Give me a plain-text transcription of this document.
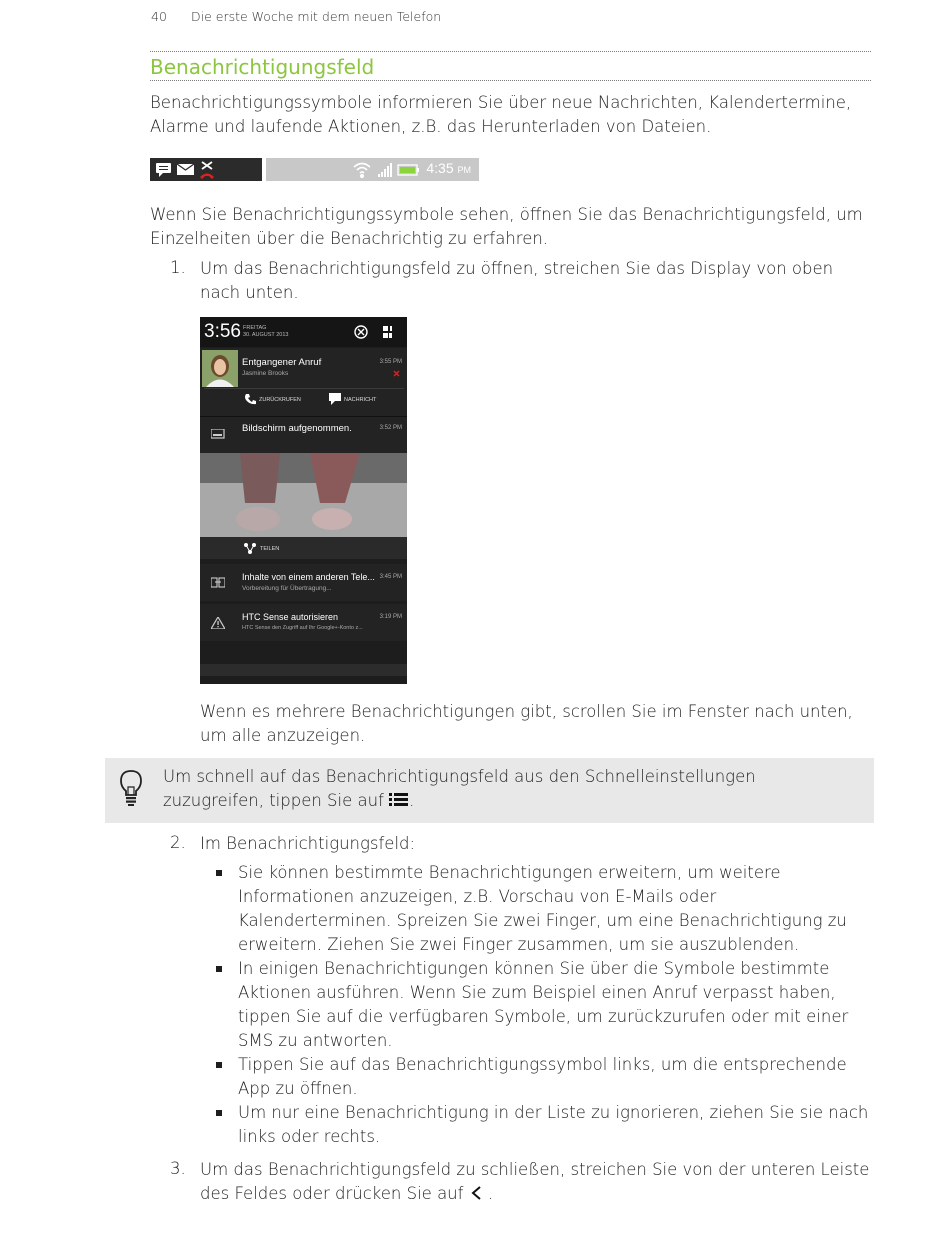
40 Die erste Woche mit dem neuen Telefon
Benachrichtigungsfeld
Benachrichtigungssymbole informieren Sie über neue Nachrichten, Kalendertermine,
Alarme und laufende Aktionen, z.B. das Herunterladen von Dateien.
4:35 PM
Wenn Sie Benachrichtigungssymbole sehen, öffnen Sie das Benachrichtigungsfeld, um
Einzelheiten über die Benachrichtig zu erfahren.
1. Um das Benachrichtigungsfeld zu öffnen, streichen Sie das Display von oben
nach unten.
3:56 FREITAG
30. AUGUST 2013
Entgangener Anruf
Jasmine Brooks
3:55 PM
ZURÜCKRUFEN	NACHRICHT
Bildschirm aufgenommen.	3:52 PM
TEILEN
Inhalte von einem anderen Tele...
Vorbereitung für Übertragung...
3:45 PM
HTC Sense autorisieren
HTC Sense den Zugriff auf Ihr Google+-Konto z...
3:19 PM
Wenn es mehrere Benachrichtigungen gibt, scrollen Sie im Fenster nach unten,
um alle anzuzeigen.
Um schnell auf das Benachrichtigungsfeld aus den Schnelleinstellungen
zuzugreifen, tippen Sie auf .
2. Im Benachrichtigungsfeld:
Sie können bestimmte Benachrichtigungen erweitern, um weitere
Informationen anzuzeigen, z.B. Vorschau von E-Mails oder
Kalenderterminen. Spreizen Sie zwei Finger, um eine Benachrichtigung zu
erweitern. Ziehen Sie zwei Finger zusammen, um sie auszublenden.
In einigen Benachrichtigungen können Sie über die Symbole bestimmte
Aktionen ausführen. Wenn Sie zum Beispiel einen Anruf verpasst haben,
tippen Sie auf die verfügbaren Symbole, um zurückzurufen oder mit einer
SMS zu antworten.
Tippen Sie auf das Benachrichtigungssymbol links, um die entsprechende
App zu öffnen.
Um nur eine Benachrichtigung in der Liste zu ignorieren, ziehen Sie sie nach
links oder rechts.
3. Um das Benachrichtigungsfeld zu schließen, streichen Sie von der unteren Leiste
des Feldes oder drücken Sie auf .
